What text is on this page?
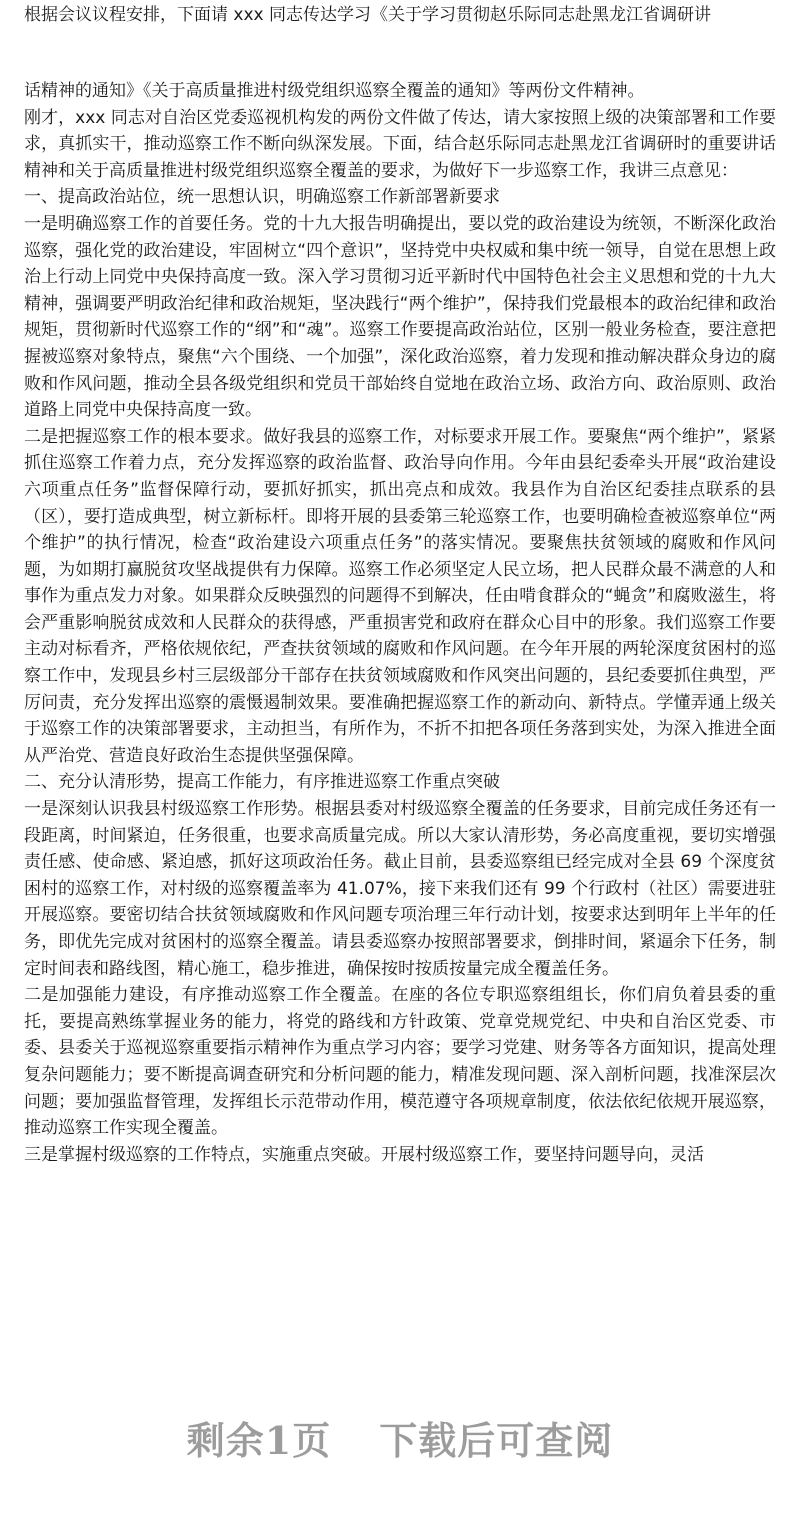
根据会议议程安排，下面请 xxx 同志传达学习《关于学习贯彻赵乐际同志赴黑龙江省调研讲

话精神的通知》《关于高质量推进村级党组织巡察全覆盖的通知》等两份文件精神。

刚才，xxx 同志对自治区党委巡视机构发的两份文件做了传达，请大家按照上级的决策部署和工作要求，真抓实干，推动巡察工作不断向纵深发展。下面，结合赵乐际同志赴黑龙江省调研时的重要讲话精神和关于高质量推进村级党组织巡察全覆盖的要求，为做好下一步巡察工作，我讲三点意见：

一、提高政治站位，统一思想认识，明确巡察工作新部署新要求

一是明确巡察工作的首要任务。党的十九大报告明确提出，要以党的政治建设为统领，不断深化政治巡察，强化党的政治建设，牢固树立“四个意识”，坚持党中央权威和集中统一领导，自觉在思想上政治上行动上同党中央保持高度一致。深入学习贯彻习近平新时代中国特色社会主义思想和党的十九大精神，强调要严明政治纪律和政治规矩，坚决践行“两个维护”，保持我们党最根本的政治纪律和政治规矩，贯彻新时代巡察工作的“纲”和“魂”。巡察工作要提高政治站位，区别一般业务检查，要注意把握被巡察对象特点，聚焦“六个围绕、一个加强”，深化政治巡察，着力发现和推动解决群众身边的腐败和作风问题，推动全县各级党组织和党员干部始终自觉地在政治立场、政治方向、政治原则、政治道路上同党中央保持高度一致。

二是把握巡察工作的根本要求。做好我县的巡察工作，对标要求开展工作。要聚焦“两个维护”，紧紧抓住巡察工作着力点，充分发挥巡察的政治监督、政治导向作用。今年由县纪委牵头开展“政治建设六项重点任务”监督保障行动，要抓好抓实，抓出亮点和成效。我县作为自治区纪委挂点联系的县（区），要打造成典型，树立新标杆。即将开展的县委第三轮巡察工作，也要明确检查被巡察单位“两个维护”的执行情况，检查“政治建设六项重点任务”的落实情况。要聚焦扶贫领域的腐败和作风问题，为如期打赢脱贫攻坚战提供有力保障。巡察工作必须坚定人民立场，把人民群众最不满意的人和事作为重点发力对象。如果群众反映强烈的问题得不到解决，任由啃食群众的“蝇贪”和腐败滋生，将会严重影响脱贫成效和人民群众的获得感，严重损害党和政府在群众心目中的形象。我们巡察工作要主动对标看齐，严格依规依纪，严查扶贫领域的腐败和作风问题。在今年开展的两轮深度贫困村的巡察工作中，发现县乡村三层级部分干部存在扶贫领域腐败和作风突出问题的，县纪委要抓住典型，严厉问责，充分发挥出巡察的震慑遏制效果。要准确把握巡察工作的新动向、新特点。学懂弄通上级关于巡察工作的决策部署要求，主动担当，有所作为，不折不扣把各项任务落到实处，为深入推进全面从严治党、营造良好政治生态提供坚强保障。

二、充分认清形势，提高工作能力，有序推进巡察工作重点突破

一是深刻认识我县村级巡察工作形势。根据县委对村级巡察全覆盖的任务要求，目前完成任务还有一段距离，时间紧迫，任务很重，也要求高质量完成。所以大家认清形势，务必高度重视，要切实增强责任感、使命感、紧迫感，抓好这项政治任务。截止目前，县委巡察组已经完成对全县 69 个深度贫困村的巡察工作，对村级的巡察覆盖率为 41.07%，接下来我们还有 99 个行政村（社区）需要进驻开展巡察。要密切结合扶贫领域腐败和作风问题专项治理三年行动计划，按要求达到明年上半年的任务，即优先完成对贫困村的巡察全覆盖。请县委巡察办按照部署要求，倒排时间，紧逼余下任务，制定时间表和路线图，精心施工，稳步推进，确保按时按质按量完成全覆盖任务。

二是加强能力建设，有序推动巡察工作全覆盖。在座的各位专职巡察组组长，你们肩负着县委的重托，要提高熟练掌握业务的能力，将党的路线和方针政策、党章党规党纪、中央和自治区党委、市委、县委关于巡视巡察重要指示精神作为重点学习内容；要学习党建、财务等各方面知识，提高处理复杂问题能力；要不断提高调查研究和分析问题的能力，精准发现问题、深入剖析问题，找准深层次问题；要加强监督管理，发挥组长示范带动作用，模范遵守各项规章制度，依法依纪依规开展巡察，推动巡察工作实现全覆盖。

三是掌握村级巡察的工作特点，实施重点突破。开展村级巡察工作，要坚持问题导向，灵活

剩余1页 下载后可查阅
